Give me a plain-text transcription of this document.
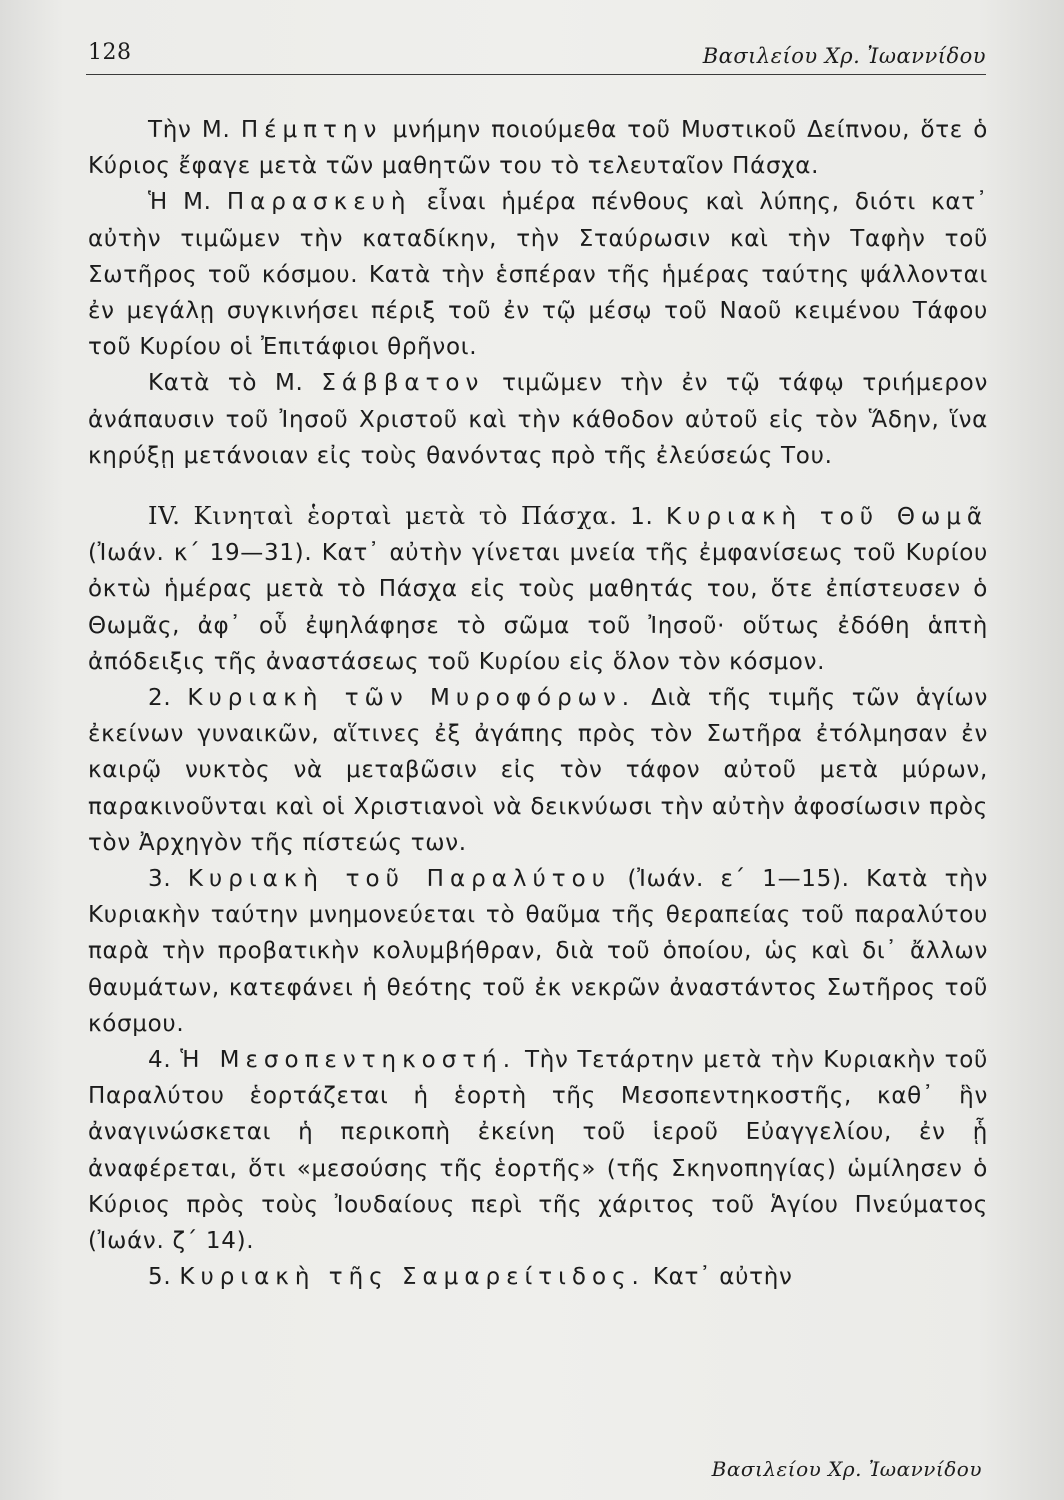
128	Βασιλείου Χρ. Ἰωαννίδου

Τὴν Μ. Πέμπτην μνήμην ποιούμεθα τοῦ Μυστικοῦ Δείπνου, ὅτε ὁ Κύριος ἔφαγε μετὰ τῶν μαθητῶν του τὸ τελευταῖον Πάσχα.

Ἡ Μ. Παρασκευὴ εἶναι ἡμέρα πένθους καὶ λύπης, διότι κατ᾽ αὐτὴν τιμῶμεν τὴν καταδίκην, τὴν Σταύρωσιν καὶ τὴν Ταφὴν τοῦ Σωτῆρος τοῦ κόσμου. Κατὰ τὴν ἑσπέραν τῆς ἡμέρας ταύτης ψάλλονται ἐν μεγάλῃ συγκινήσει πέριξ τοῦ ἐν τῷ μέσῳ τοῦ Ναοῦ κειμένου Τάφου τοῦ Κυρίου οἱ Ἐπιτάφιοι θρῆνοι.

Κατὰ τὸ Μ. Σάββατον τιμῶμεν τὴν ἐν τῷ τάφῳ τριήμερον ἀνάπαυσιν τοῦ Ἰησοῦ Χριστοῦ καὶ τὴν κάθοδον αὐτοῦ εἰς τὸν Ἅδην, ἵνα κηρύξῃ μετάνοιαν εἰς τοὺς θανόντας πρὸ τῆς ἐλεύσεώς Του.

IV. Κινηταὶ ἑορταὶ μετὰ τὸ Πάσχα. 1. Κυριακὴ τοῦ Θωμᾶ (Ἰωάν. κ΄ 19—31). Κατ᾽ αὐτὴν γίνεται μνεία τῆς ἐμφανίσεως τοῦ Κυρίου ὀκτὼ ἡμέρας μετὰ τὸ Πάσχα εἰς τοὺς μαθητάς του, ὅτε ἐπίστευσεν ὁ Θωμᾶς, ἀφ᾽ οὗ ἐψηλάφησε τὸ σῶμα τοῦ Ἰησοῦ· οὕτως ἐδόθη ἁπτὴ ἀπόδειξις τῆς ἀναστάσεως τοῦ Κυρίου εἰς ὅλον τὸν κόσμον.

2. Κυριακὴ τῶν Μυροφόρων. Διὰ τῆς τιμῆς τῶν ἁγίων ἐκείνων γυναικῶν, αἵτινες ἐξ ἀγάπης πρὸς τὸν Σωτῆρα ἐτόλμησαν ἐν καιρῷ νυκτὸς νὰ μεταβῶσιν εἰς τὸν τάφον αὐτοῦ μετὰ μύρων, παρακινοῦνται καὶ οἱ Χριστιανοὶ νὰ δεικνύωσι τὴν αὐτὴν ἀφοσίωσιν πρὸς τὸν Ἀρχηγὸν τῆς πίστεώς των.

3. Κυριακὴ τοῦ Παραλύτου (Ἰωάν. ε΄ 1—15). Κατὰ τὴν Κυριακὴν ταύτην μνημονεύεται τὸ θαῦμα τῆς θεραπείας τοῦ παραλύτου παρὰ τὴν προβατικὴν κολυμβήθραν, διὰ τοῦ ὁποίου, ὡς καὶ δι᾽ ἄλλων θαυμάτων, κατεφάνει ἡ θεότης τοῦ ἐκ νεκρῶν ἀναστάντος Σωτῆρος τοῦ κόσμου.

4. Ἡ Μεσοπεντηκοστή. Τὴν Τετάρτην μετὰ τὴν Κυριακὴν τοῦ Παραλύτου ἑορτάζεται ἡ ἑορτὴ τῆς Μεσοπεντηκοστῆς, καθ᾽ ἣν ἀναγινώσκεται ἡ περικοπὴ ἐκείνη τοῦ ἱεροῦ Εὐαγγελίου, ἐν ᾗ ἀναφέρεται, ὅτι «μεσούσης τῆς ἑορτῆς» (τῆς Σκηνοπηγίας) ὡμίλησεν ὁ Κύριος πρὸς τοὺς Ἰουδαίους περὶ τῆς χάριτος τοῦ Ἁγίου Πνεύματος (Ἰωάν. ζ΄ 14).

5. Κυριακὴ τῆς Σαμαρείτιδος. Κατ᾽ αὐτὴν

Βασιλείου Χρ. Ἰωαννίδου
